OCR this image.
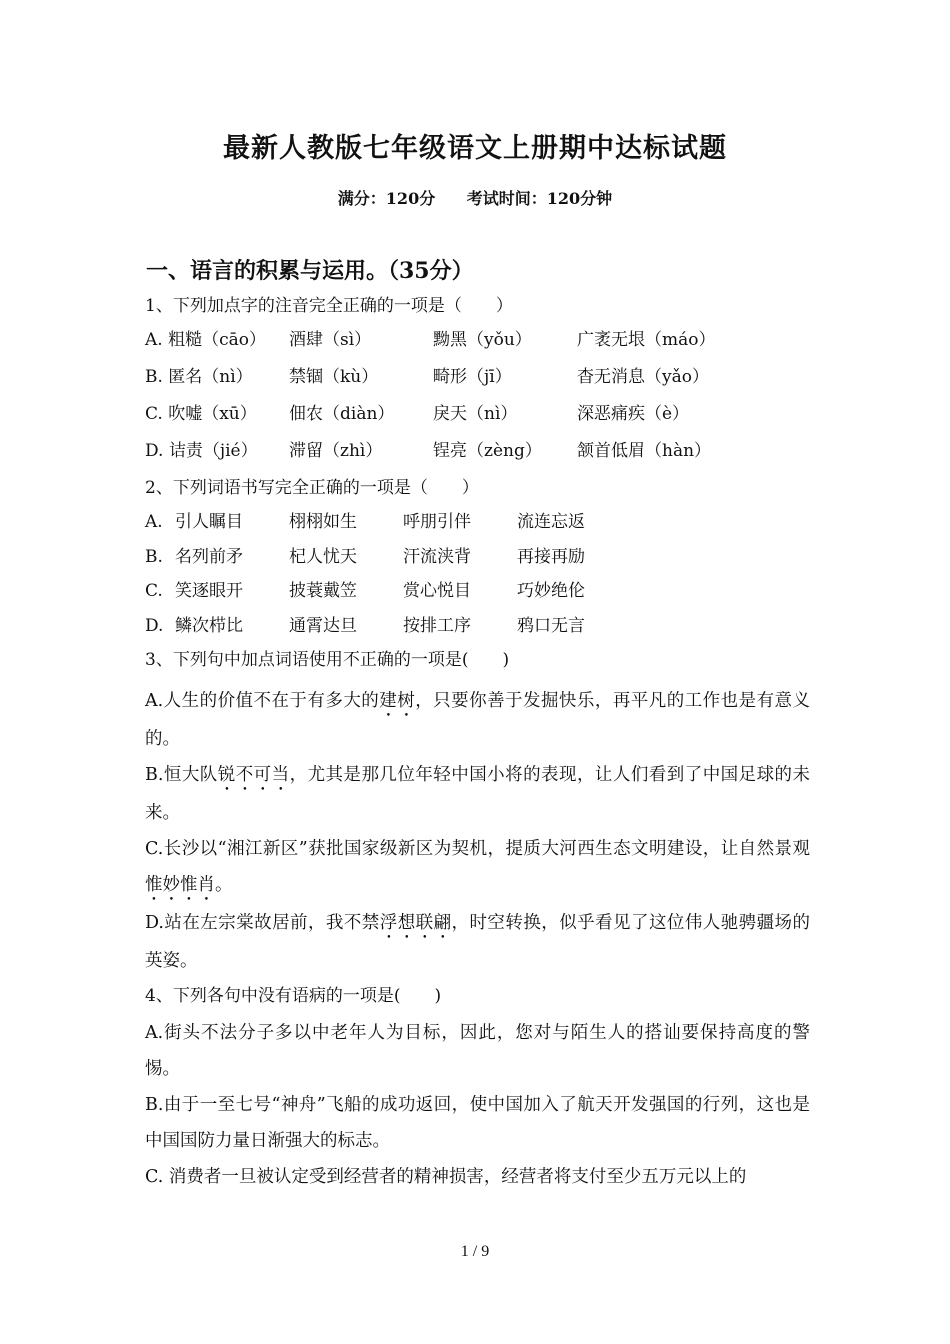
最新人教版七年级语文上册期中达标试题
满分：120分 考试时间：120分钟
一、语言的积累与运用。（35分）
1、下列加点字的注音完全正确的一项是（　　）
A. 粗糙（cāo）	酒肆（sì）	黝黑（yǒu）	广袤无垠（máo）
B. 匿名（nì）	禁锢（kù）	畸形（jī）	杳无消息（yǎo）
C. 吹嘘（xū）	佃农（diàn）	戾天（nì）	深恶痛疾（è）
D. 诘责（jié）	滞留（zhì）	锃亮（zèng）	颔首低眉（hàn）
2、下列词语书写完全正确的一项是（　　）
A. 引人瞩目	栩栩如生	呼朋引伴	流连忘返
B. 名列前矛	杞人忧天	汗流浃背	再接再励
C. 笑逐眼开	披蓑戴笠	赏心悦目	巧妙绝伦
D. 鳞次栉比	通霄达旦	按排工序	鸦口无言
3、下列句中加点词语使用不正确的一项是(　　)
A.人生的价值不在于有多大的建树，只要你善于发掘快乐，再平凡的工作也是有意义的。
B.恒大队锐不可当，尤其是那几位年轻中国小将的表现，让人们看到了中国足球的未来。
C.长沙以“湘江新区”获批国家级新区为契机，提质大河西生态文明建设，让自然景观惟妙惟肖。
D.站在左宗棠故居前，我不禁浮想联翩，时空转换，似乎看见了这位伟人驰骋疆场的英姿。
4、下列各句中没有语病的一项是(　　)
A.街头不法分子多以中老年人为目标，因此，您对与陌生人的搭讪要保持高度的警惕。
B.由于一至七号“神舟”飞船的成功返回，使中国加入了航天开发强国的行列，这也是中国国防力量日渐强大的标志。
C. 消费者一旦被认定受到经营者的精神损害，经营者将支付至少五万元以上的
1 / 9
